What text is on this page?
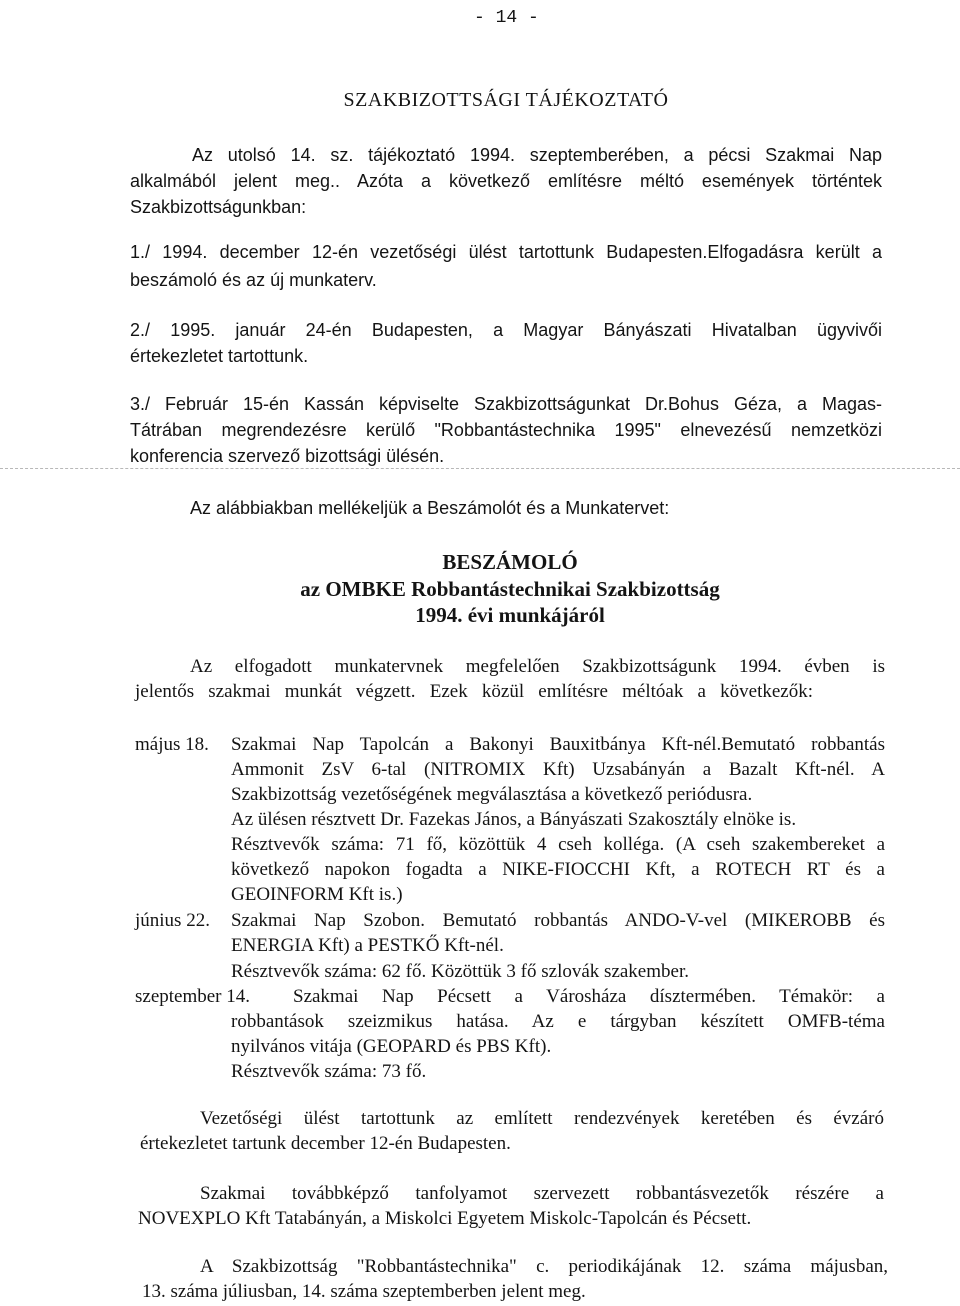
- 14 -
SZAKBIZOTTSÁGI TÁJÉKOZTATÓ
Az utolsó 14. sz. tájékoztató 1994. szeptemberében, a pécsi Szakmai Nap
alkalmából jelent meg.. Azóta a következő említésre méltó események történtek
Szakbizottságunkban:
1./ 1994. december 12-én vezetőségi ülést tartottunk Budapesten.Elfogadásra került a
beszámoló és az új munkaterv.
2./ 1995. január 24-én Budapesten, a Magyar Bányászati Hivatalban ügyvivői
értekezletet tartottunk.
3./ Február 15-én Kassán képviselte Szakbizottságunkat Dr.Bohus Géza, a Magas-
Tátrában megrendezésre kerülő "Robbantástechnika 1995" elnevezésű nemzetközi
konferencia szervező bizottsági ülésén.
Az alábbiakban mellékeljük a Beszámolót és a Munkatervet:
BESZÁMOLÓ
az OMBKE Robbantástechnikai Szakbizottság
1994. évi munkájáról
Az elfogadott munkatervnek megfelelően Szakbizottságunk 1994. évben is
jelentős szakmai munkát végzett. Ezek közül említésre méltóak a következők:
május 18. Szakmai Nap Tapolcán a Bakonyi Bauxitbánya Kft-nél.Bemutató robbantás
Ammonit ZsV 6-tal (NITROMIX Kft) Uzsabányán a Bazalt Kft-nél. A
Szakbizottság vezetőségének megválasztása a következő periódusra.
Az ülésen résztvett Dr. Fazekas János, a Bányászati Szakosztály elnöke is.
Résztvevők száma: 71 fő, közöttük 4 cseh kolléga. (A cseh szakembereket a
következő napokon fogadta a NIKE-FIOCCHI Kft, a ROTECH RT és a
GEOINFORM Kft is.)
június 22. Szakmai Nap Szobon. Bemutató robbantás ANDO-V-vel (MIKEROBB és
ENERGIA Kft) a PESTKŐ Kft-nél.
Résztvevők száma: 62 fő. Közöttük 3 fő szlovák szakember.
szeptember 14. Szakmai Nap Pécsett a Városháza dísztermében. Témakör: a
robbantások szeizmikus hatása. Az e tárgyban készített OMFB-téma
nyilvános vitája (GEOPARD és PBS Kft).
Résztvevők száma: 73 fő.
Vezetőségi ülést tartottunk az említett rendezvények keretében és évzáró
értekezletet tartunk december 12-én Budapesten.
Szakmai továbbképző tanfolyamot szervezett robbantásvezetők részére a
NOVEXPLO Kft Tatabányán, a Miskolci Egyetem Miskolc-Tapolcán és Pécsett.
A Szakbizottság "Robbantástechnika" c. periodikájának 12. száma májusban,
13. száma júliusban, 14. száma szeptemberben jelent meg.
